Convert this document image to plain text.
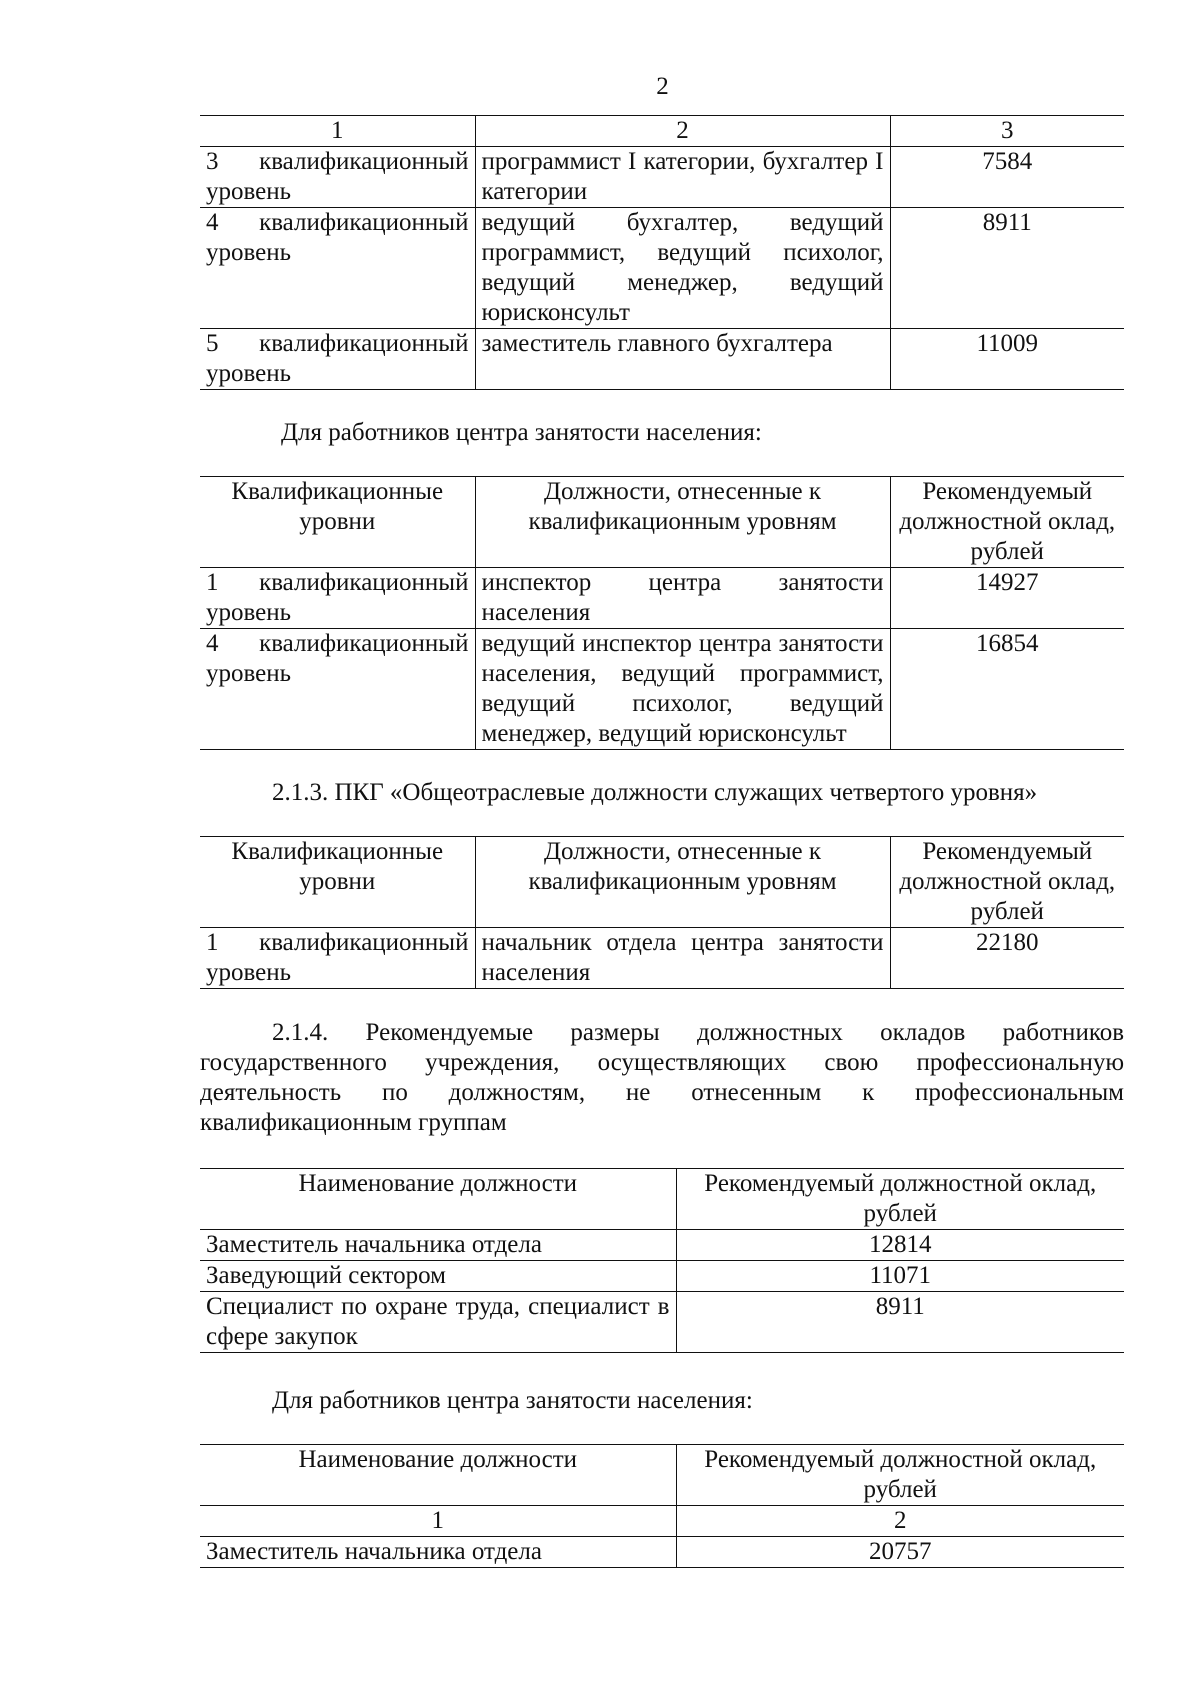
2
1	2	3
3 квалификационный уровень	программист I категории, бухгалтер I категории	7584
4 квалификационный уровень	ведущий бухгалтер, ведущий программист, ведущий психолог, ведущий менеджер, ведущий юрисконсульт	8911
5 квалификационный уровень	заместитель главного бухгалтера	11009
Для работников центра занятости населения:
Квалификационные уровни	Должности, отнесенные к квалификационным уровням	Рекомендуемый должностной оклад, рублей
1 квалификационный уровень	инспектор центра занятости населения	14927
4 квалификационный уровень	ведущий инспектор центра занятости населения, ведущий программист, ведущий психолог, ведущий менеджер, ведущий юрисконсульт	16854
2.1.3. ПКГ «Общеотраслевые должности служащих четвертого уровня»
Квалификационные уровни	Должности, отнесенные к квалификационным уровням	Рекомендуемый должностной оклад, рублей
1 квалификационный уровень	начальник отдела центра занятости населения	22180
2.1.4. Рекомендуемые размеры должностных окладов работников государственного учреждения, осуществляющих свою профессиональную деятельность по должностям, не отнесенным к профессиональным квалификационным группам
Наименование должности	Рекомендуемый должностной оклад, рублей
Заместитель начальника отдела	12814
Заведующий сектором	11071
Специалист по охране труда, специалист в сфере закупок	8911
Для работников центра занятости населения:
Наименование должности	Рекомендуемый должностной оклад, рублей
1	2
Заместитель начальника отдела	20757
